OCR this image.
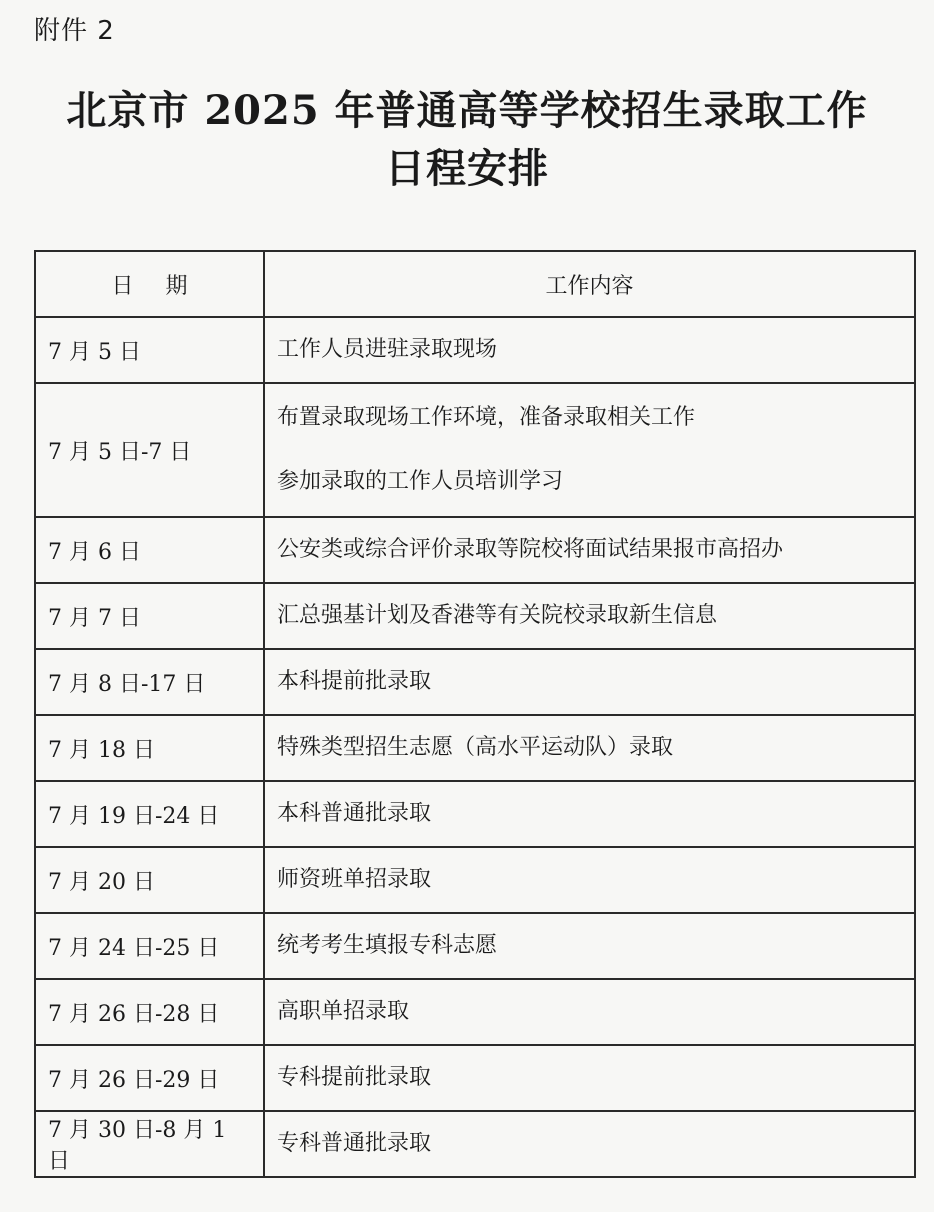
附件 2
北京市 2025 年普通高等学校招生录取工作
日程安排
日期	工作内容
7 月 5 日	工作人员进驻录取现场

7 月 5 日-7 日	布置录取现场工作环境，准备录取相关工作
参加录取的工作人员培训学习

7 月 6 日	公安类或综合评价录取等院校将面试结果报市高招办

7 月 7 日	汇总强基计划及香港等有关院校录取新生信息

7 月 8 日-17 日	本科提前批录取

7 月 18 日	特殊类型招生志愿（高水平运动队）录取

7 月 19 日-24 日	本科普通批录取

7 月 20 日	师资班单招录取

7 月 24 日-25 日	统考考生填报专科志愿

7 月 26 日-28 日	高职单招录取

7 月 26 日-29 日	专科提前批录取

7 月 30 日-8 月 1 日	专科普通批录取
